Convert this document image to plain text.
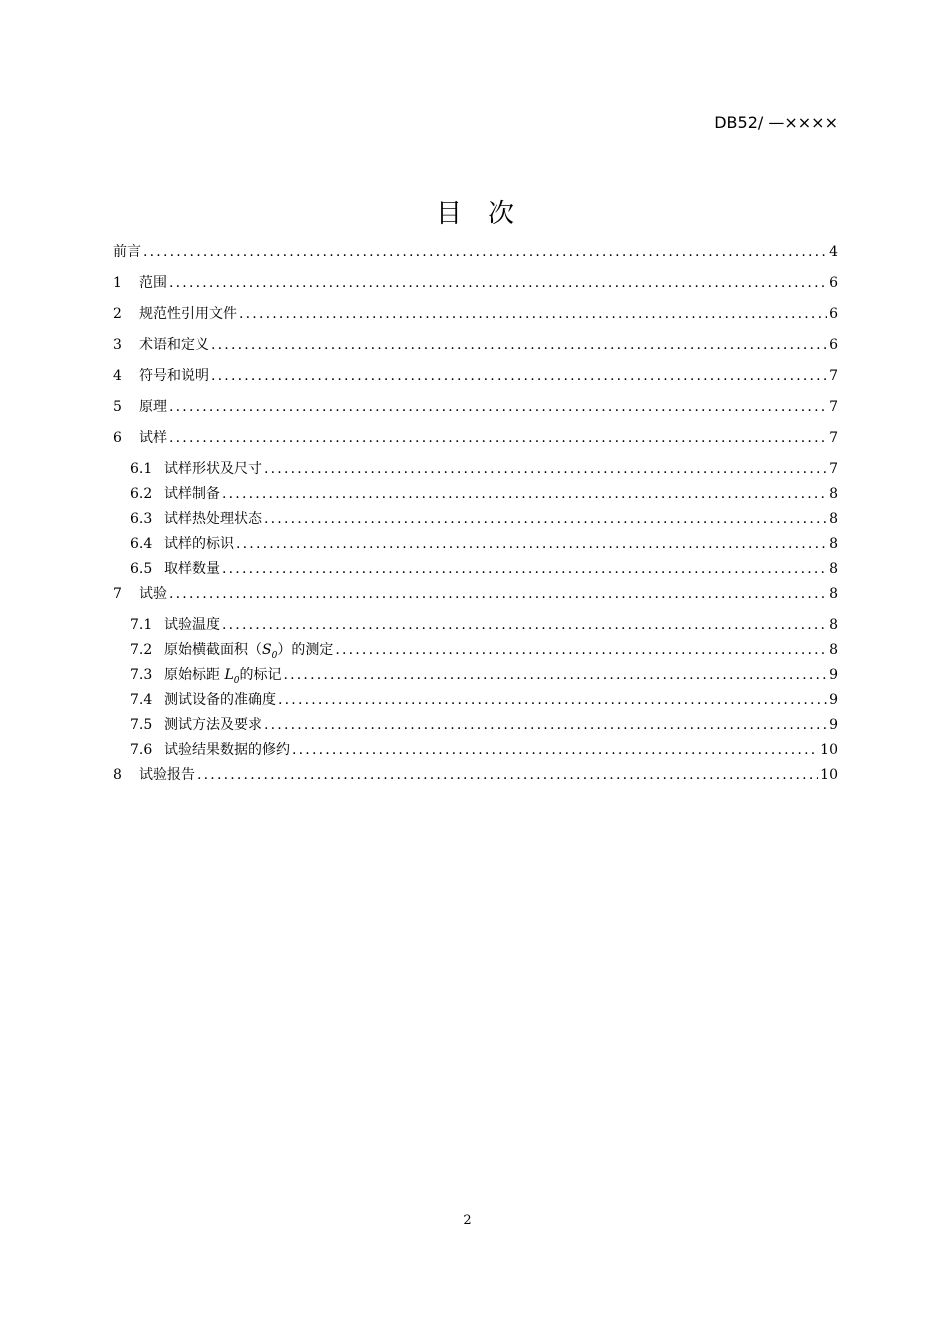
DB52/ —××××
目次
前言 .....	4
1	范围 .....	6
2	规范性引用文件 .....	6
3	术语和定义 .....	6
4	符号和说明 .....	7
5	原理 .....	7
6	试样 .....	7
6.1 试样形状及尺寸 .....	7
6.2 试样制备 .....	8
6.3 试样热处理状态 .....	8
6.4 试样的标识 .....	8
6.5 取样数量 .....	8
7	试验 .....	8
7.1 试验温度 .....	8
7.2 原始横截面积$(S_0)$的测定 .....	8
7.3 原始标距 $L_0$的标记 .....	9
7.4 测试设备的准确度 .....	9
7.5 测试方法及要求 .....	9
7.6 试验结果数据的修约 .....	10
8	试验报告 .....	10
2
